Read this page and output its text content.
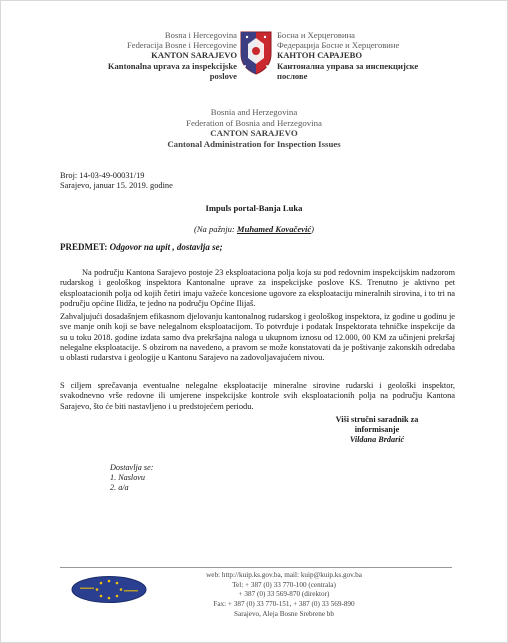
Bosna i Hercegovina
Federacija Bosne i Hercegovine
KANTON SARAJEVO
Kantonalna uprava za inspekcijske
poslove
Босна и Херцеговина
Федерација Босне и Херцеговине
КАНТОН САРАЈЕВО
Кантонална управа за инспекцијске
послове
Bosnia and Herzegovina
Federation of Bosnia and Herzegovina
CANTON SARAJEVO
Cantonal Administration for Inspection Issues
Broj: 14-03-49-00031/19
Sarajevo, januar 15. 2019. godine
Impuls portal-Banja Luka
(Na pažnju: Muhamed Kovačević)
PREDMET: Odgovor na upit , dostavlja se;
Na području Kantona Sarajevo postoje 23 eksploataciona polja koja su pod redovnim inspekcijskim nadzorom rudarskog i geološkog inspektora Kantonalne uprave za inspekcijske poslove KS. Trenutno je aktivno pet eksploatacionih polja od kojih četiri imaju važeće koncesione ugovore za eksploataciju mineralnih sirovina, i to tri na području općine Ilidža, te jedno na području Općine Ilijaš.
Zahvaljujući dosadašnjem efikasnom djelovanju kantonalnog rudarskog i geološkog inspektora, iz godine u godinu je sve manje onih koji se bave nelegalnom eksploatacijom. To potvrđuje i podatak Inspektorata tehničke inspekcije da su u toku 2018. godine izdata samo dva prekršajna naloga u ukupnom iznosu od 12.000, 00 KM za učinjeni prekršaj nelegalne eksploatacije. S obzirom na navedeno, a pravom se može konstatovati da je poštivanje zakonskih odredaba u oblasti rudarstva i geologije u Kantonu Sarajevo na zadovoljavajućem nivou.
S ciljem sprečavanja eventualne nelegalne eksploatacije mineralne sirovine rudarski i geološki inspektor, svakodnevno vrše redovne ili umjerene inspekcijske kontrole svih eksploatacionih polja na području Kantona Sarajevo, što će biti nastavljeno i u predstojećem periodu.
Viši stručni saradnik za
informisanje
Vildana Brdarić
Dostavlja se:
1. Naslovu
2. a/a
web: http://kuip.ks.gov.ba, mail: kuip@kuip.ks.gov.ba
Tel: + 387 (0) 33 770-100 (centrala)
+ 387 (0) 33 569-870 (direktor)
Fax: + 387 (0) 33 770-151, + 387 (0) 33 569-890
Sarajevo, Aleja Bosne Srebrene bb
